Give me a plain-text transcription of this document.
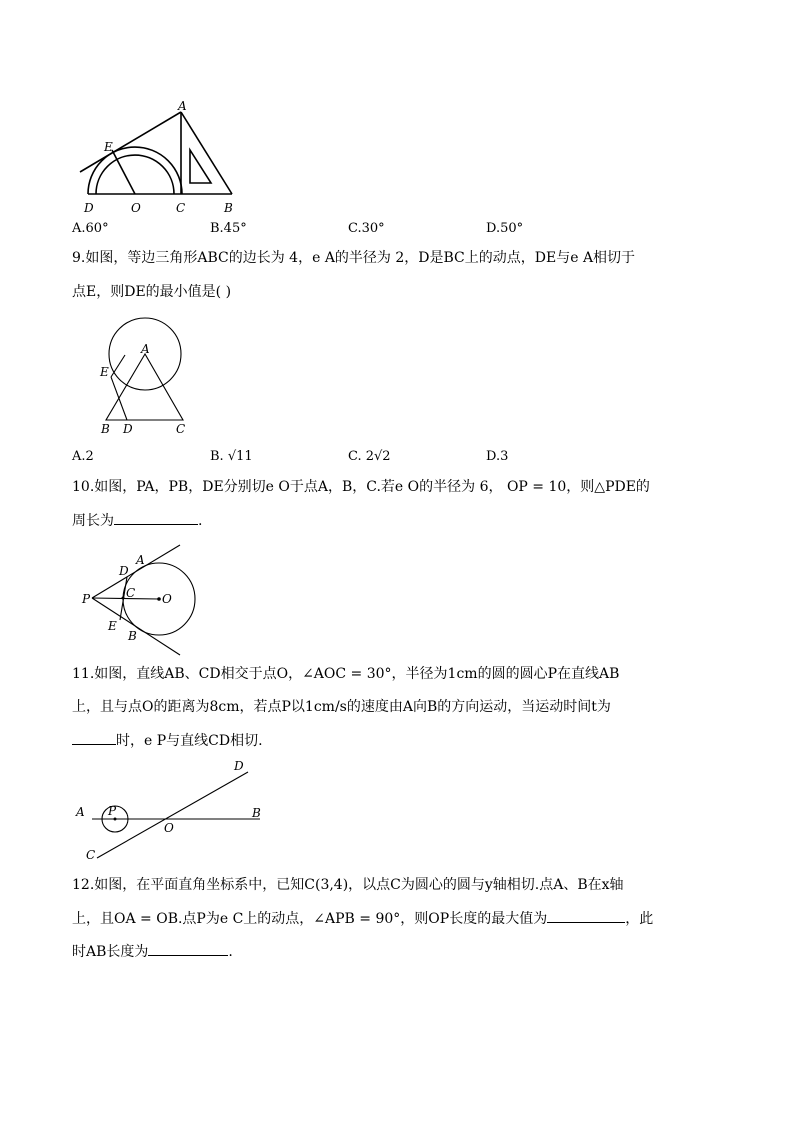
A
E
D	O	C	B
A.60°	B.45°	C.30°	D.50°
9.如图，等边三角形ABC的边长为 4，e A的半径为 2，D是BC上的动点，DE与e A相切于
点E，则DE的最小值是( )
A
E
B D	C
A.2	B. √11	C. 2√2	D.3
10.如图，PA，PB，DE分别切e O于点A，B，C.若e O的半径为 6， OP = 10，则△PDE的
周长为	.
A
D
P	C O
E
B
11.如图，直线AB、CD相交于点O，∠AOC = 30°，半径为1cm的圆的圆心P在直线AB
上，且与点O的距离为8cm，若点P以1cm/s的速度由A向B的方向运动，当运动时间t为
时，e P与直线CD相切.
D
A P
O
B
C
12.如图，在平面直角坐标系中，已知C(3,4)，以点C为圆心的圆与y轴相切.点A、B在x轴
上，且OA = OB.点P为e C上的动点，∠APB = 90°，则OP长度的最大值为	，此
时AB长度为	.
